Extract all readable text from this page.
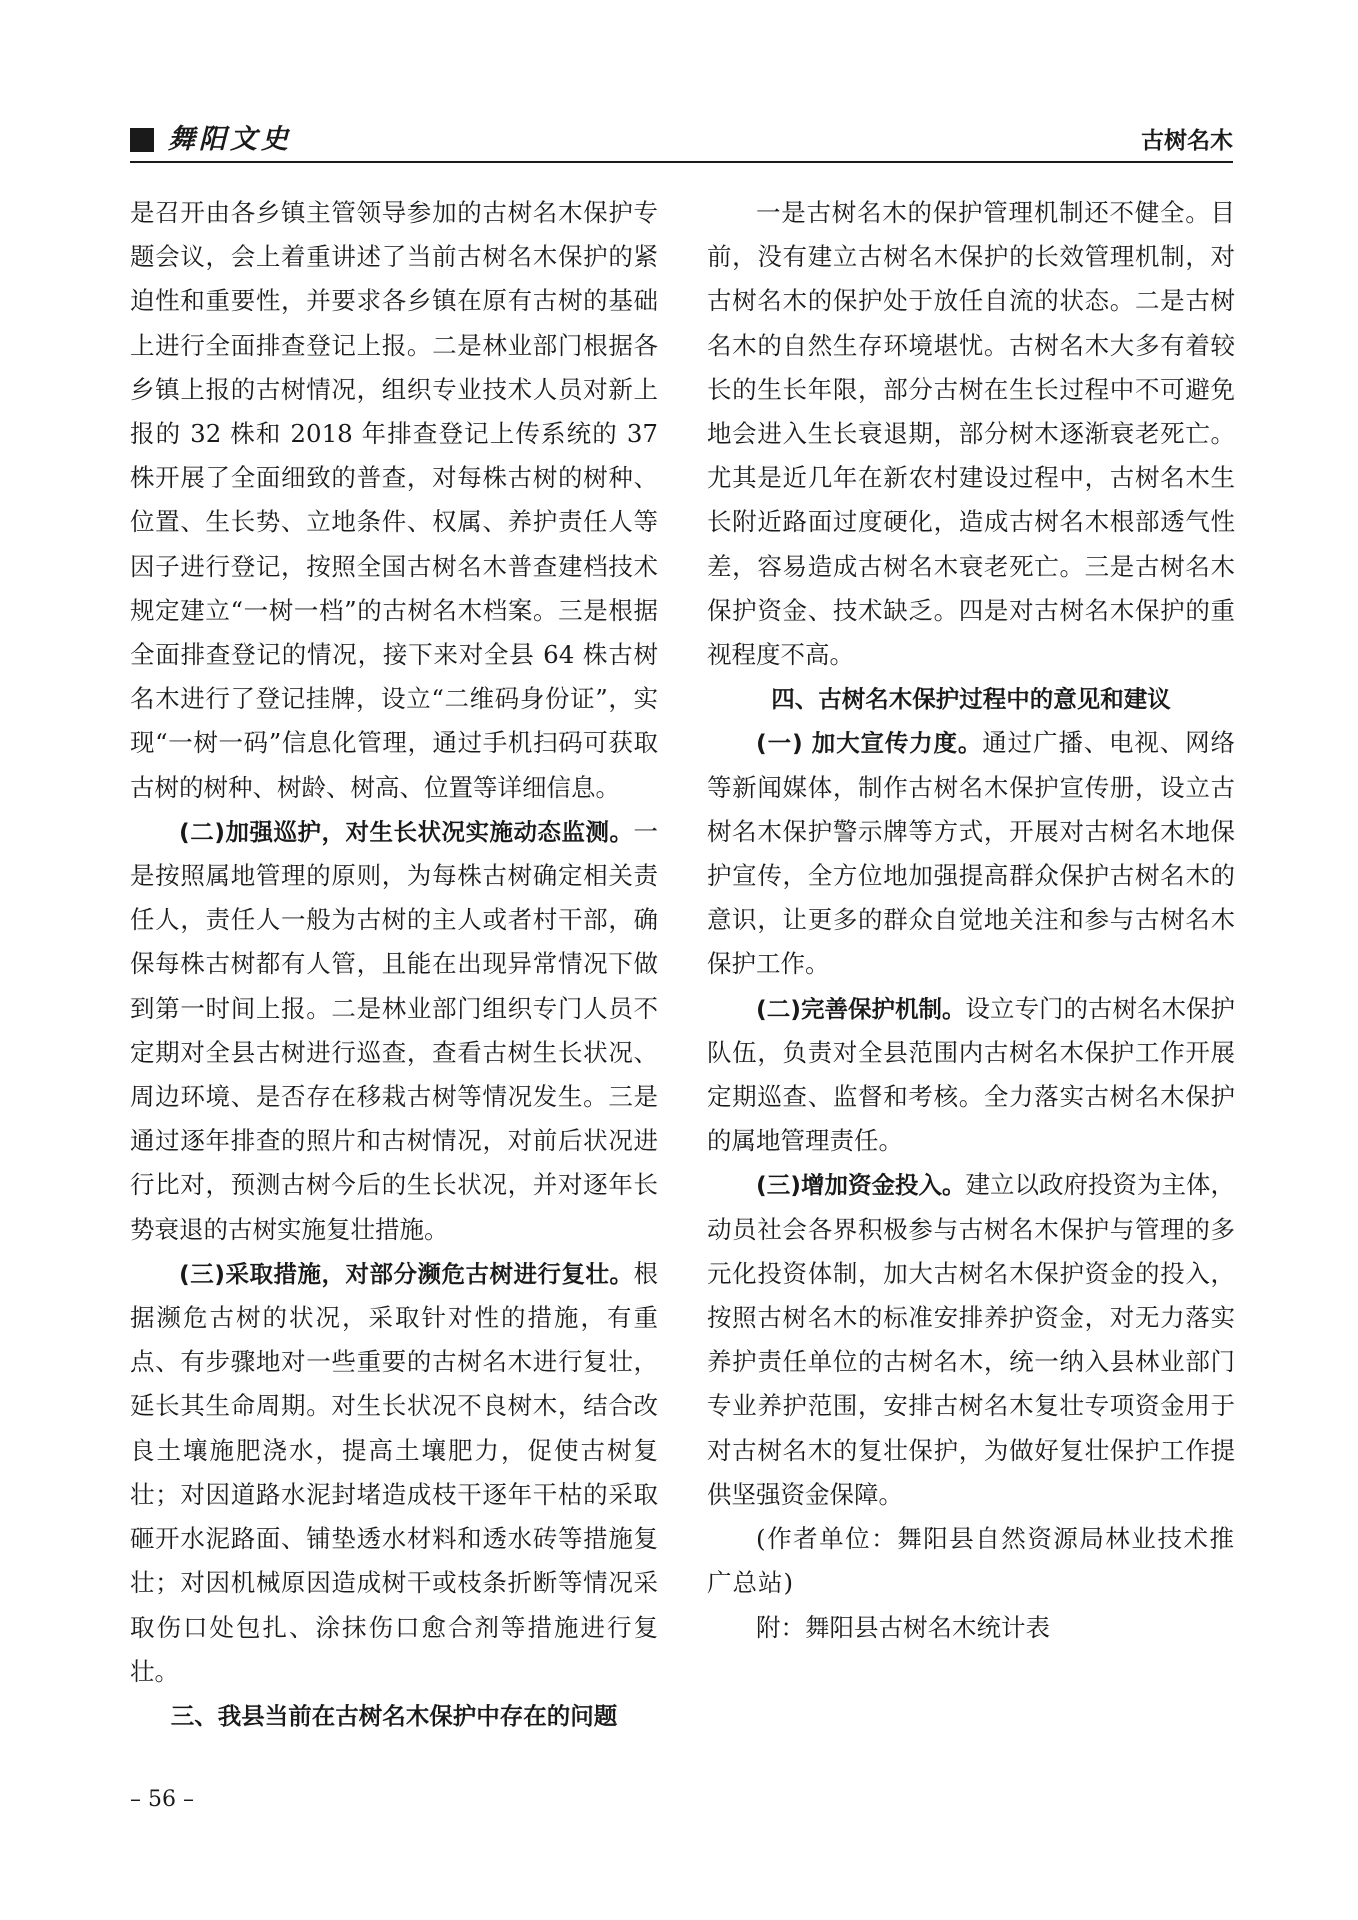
舞阳文史	古树名木

是召开由各乡镇主管领导参加的古树名木保护专题会议，会上着重讲述了当前古树名木保护的紧迫性和重要性，并要求各乡镇在原有古树的基础上进行全面排查登记上报。二是林业部门根据各乡镇上报的古树情况，组织专业技术人员对新上报的 32 株和 2018 年排查登记上传系统的 37 株开展了全面细致的普查，对每株古树的树种、位置、生长势、立地条件、权属、养护责任人等因子进行登记，按照全国古树名木普查建档技术规定建立“一树一档”的古树名木档案。三是根据全面排查登记的情况，接下来对全县 64 株古树名木进行了登记挂牌，设立“二维码身份证”，实现“一树一码”信息化管理，通过手机扫码可获取古树的树种、树龄、树高、位置等详细信息。

(二)加强巡护，对生长状况实施动态监测。一是按照属地管理的原则，为每株古树确定相关责任人，责任人一般为古树的主人或者村干部，确保每株古树都有人管，且能在出现异常情况下做到第一时间上报。二是林业部门组织专门人员不定期对全县古树进行巡查，查看古树生长状况、周边环境、是否存在移栽古树等情况发生。三是通过逐年排查的照片和古树情况，对前后状况进行比对，预测古树今后的生长状况，并对逐年长势衰退的古树实施复壮措施。

(三)采取措施，对部分濒危古树进行复壮。根据濒危古树的状况，采取针对性的措施，有重点、有步骤地对一些重要的古树名木进行复壮，延长其生命周期。对生长状况不良树木，结合改良土壤施肥浇水，提高土壤肥力，促使古树复壮；对因道路水泥封堵造成枝干逐年干枯的采取砸开水泥路面、铺垫透水材料和透水砖等措施复壮；对因机械原因造成树干或枝条折断等情况采取伤口处包扎、涂抹伤口愈合剂等措施进行复壮。

三、我县当前在古树名木保护中存在的问题

一是古树名木的保护管理机制还不健全。目前，没有建立古树名木保护的长效管理机制，对古树名木的保护处于放任自流的状态。二是古树名木的自然生存环境堪忧。古树名木大多有着较长的生长年限，部分古树在生长过程中不可避免地会进入生长衰退期，部分树木逐渐衰老死亡。尤其是近几年在新农村建设过程中，古树名木生长附近路面过度硬化，造成古树名木根部透气性差，容易造成古树名木衰老死亡。三是古树名木保护资金、技术缺乏。四是对古树名木保护的重视程度不高。

四、古树名木保护过程中的意见和建议

(一) 加大宣传力度。通过广播、电视、网络等新闻媒体，制作古树名木保护宣传册，设立古树名木保护警示牌等方式，开展对古树名木地保护宣传，全方位地加强提高群众保护古树名木的意识，让更多的群众自觉地关注和参与古树名木保护工作。

(二)完善保护机制。设立专门的古树名木保护队伍，负责对全县范围内古树名木保护工作开展定期巡查、监督和考核。全力落实古树名木保护的属地管理责任。

(三)增加资金投入。建立以政府投资为主体，动员社会各界积极参与古树名木保护与管理的多元化投资体制，加大古树名木保护资金的投入，按照古树名木的标准安排养护资金，对无力落实养护责任单位的古树名木，统一纳入县林业部门专业养护范围，安排古树名木复壮专项资金用于对古树名木的复壮保护，为做好复壮保护工作提供坚强资金保障。

(作者单位：舞阳县自然资源局林业技术推广总站)

附：舞阳县古树名木统计表

– 56 –
